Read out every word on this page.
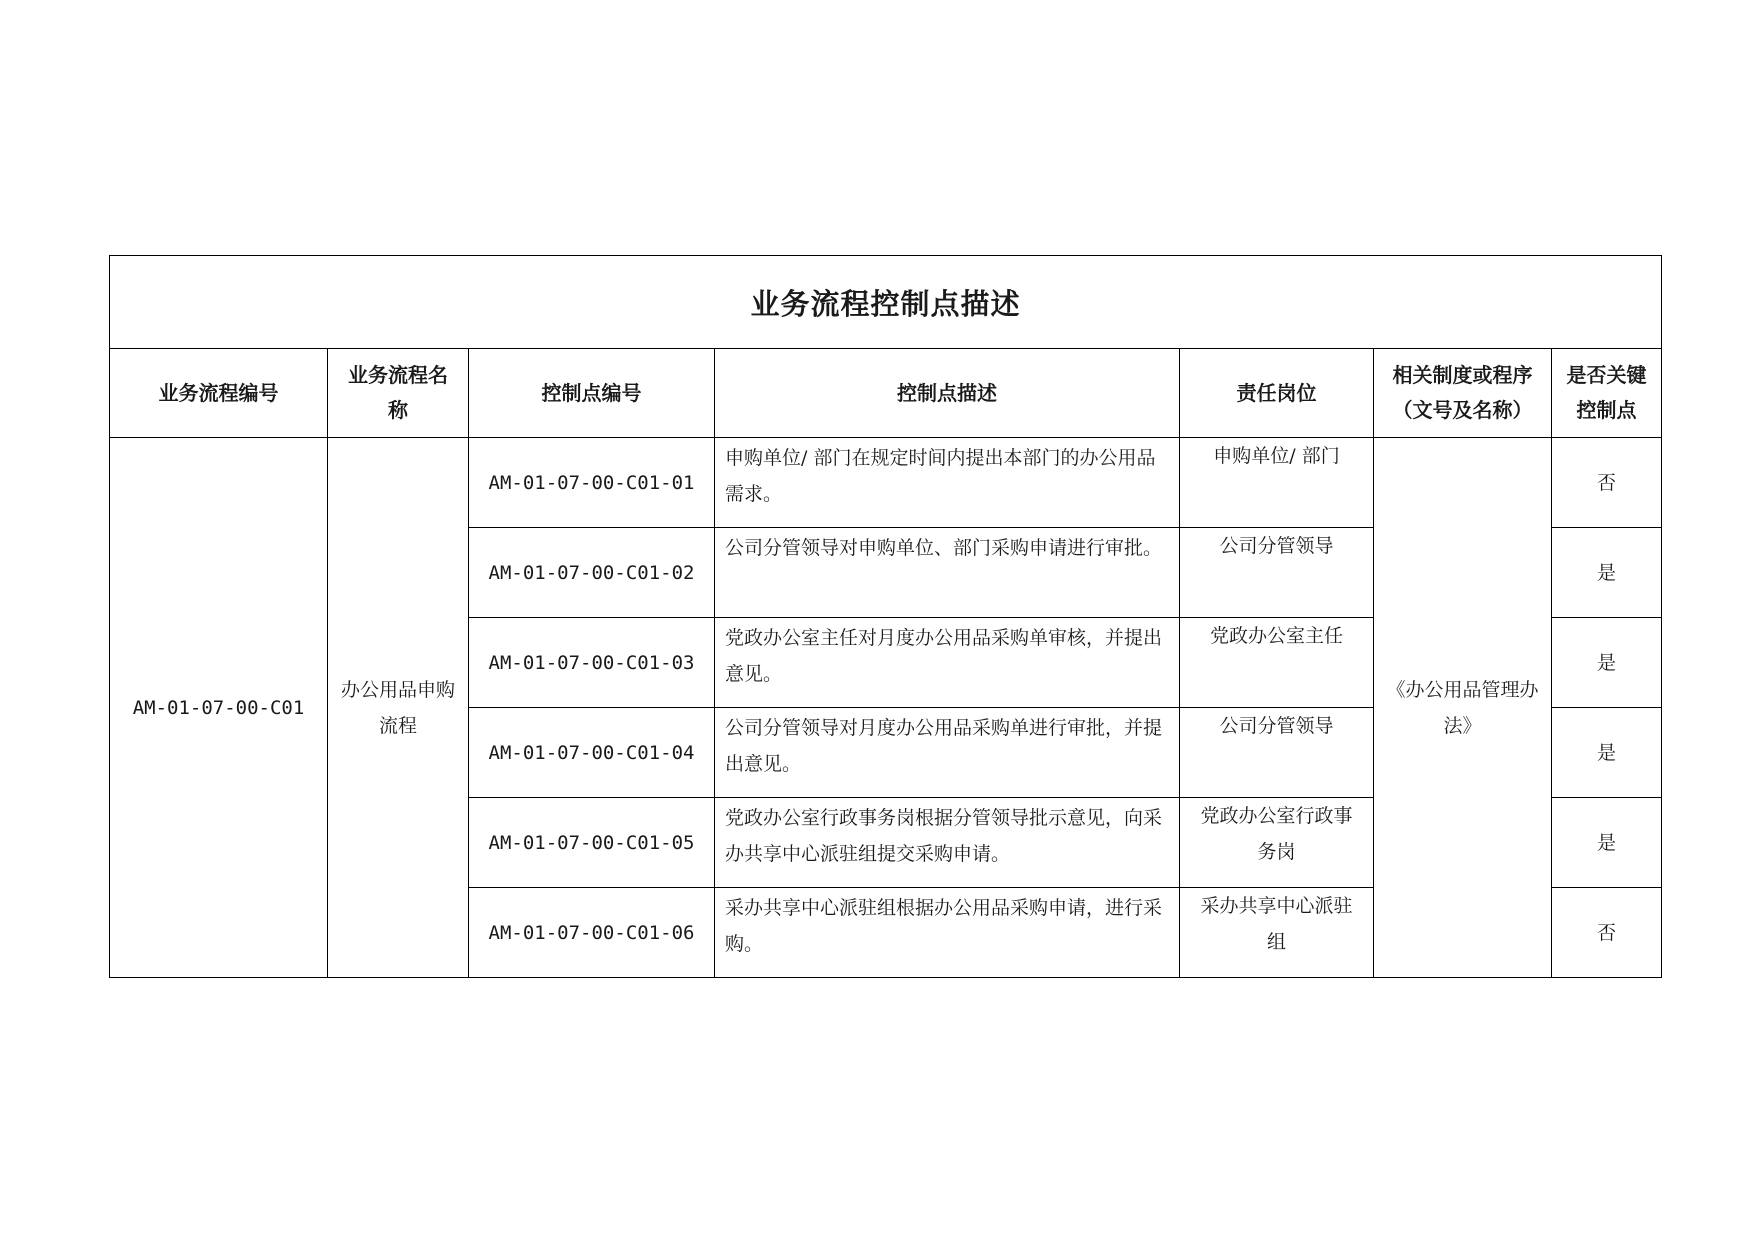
业务流程控制点描述						
业务流程编号	业务流程名称	控制点编号	控制点描述	责任岗位	相关制度或程序（文号及名称）	是否关键控制点
AM-01-07-00-C01	办公用品申购流程	AM-01-07-00-C01-01	申购单位/ 部门在规定时间内提出本部门的办公用品需求。	申购单位/ 部门	《办公用品管理办法》	否
		AM-01-07-00-C01-02	公司分管领导对申购单位、部门采购申请进行审批。	公司分管领导		是
		AM-01-07-00-C01-03	党政办公室主任对月度办公用品采购单审核，并提出意见。	党政办公室主任		是
		AM-01-07-00-C01-04	公司分管领导对月度办公用品采购单进行审批，并提出意见。	公司分管领导		是
		AM-01-07-00-C01-05	党政办公室行政事务岗根据分管领导批示意见，向采办共享中心派驻组提交采购申请。	党政办公室行政事务岗		是
		AM-01-07-00-C01-06	采办共享中心派驻组根据办公用品采购申请，进行采购。	采办共享中心派驻组		否
